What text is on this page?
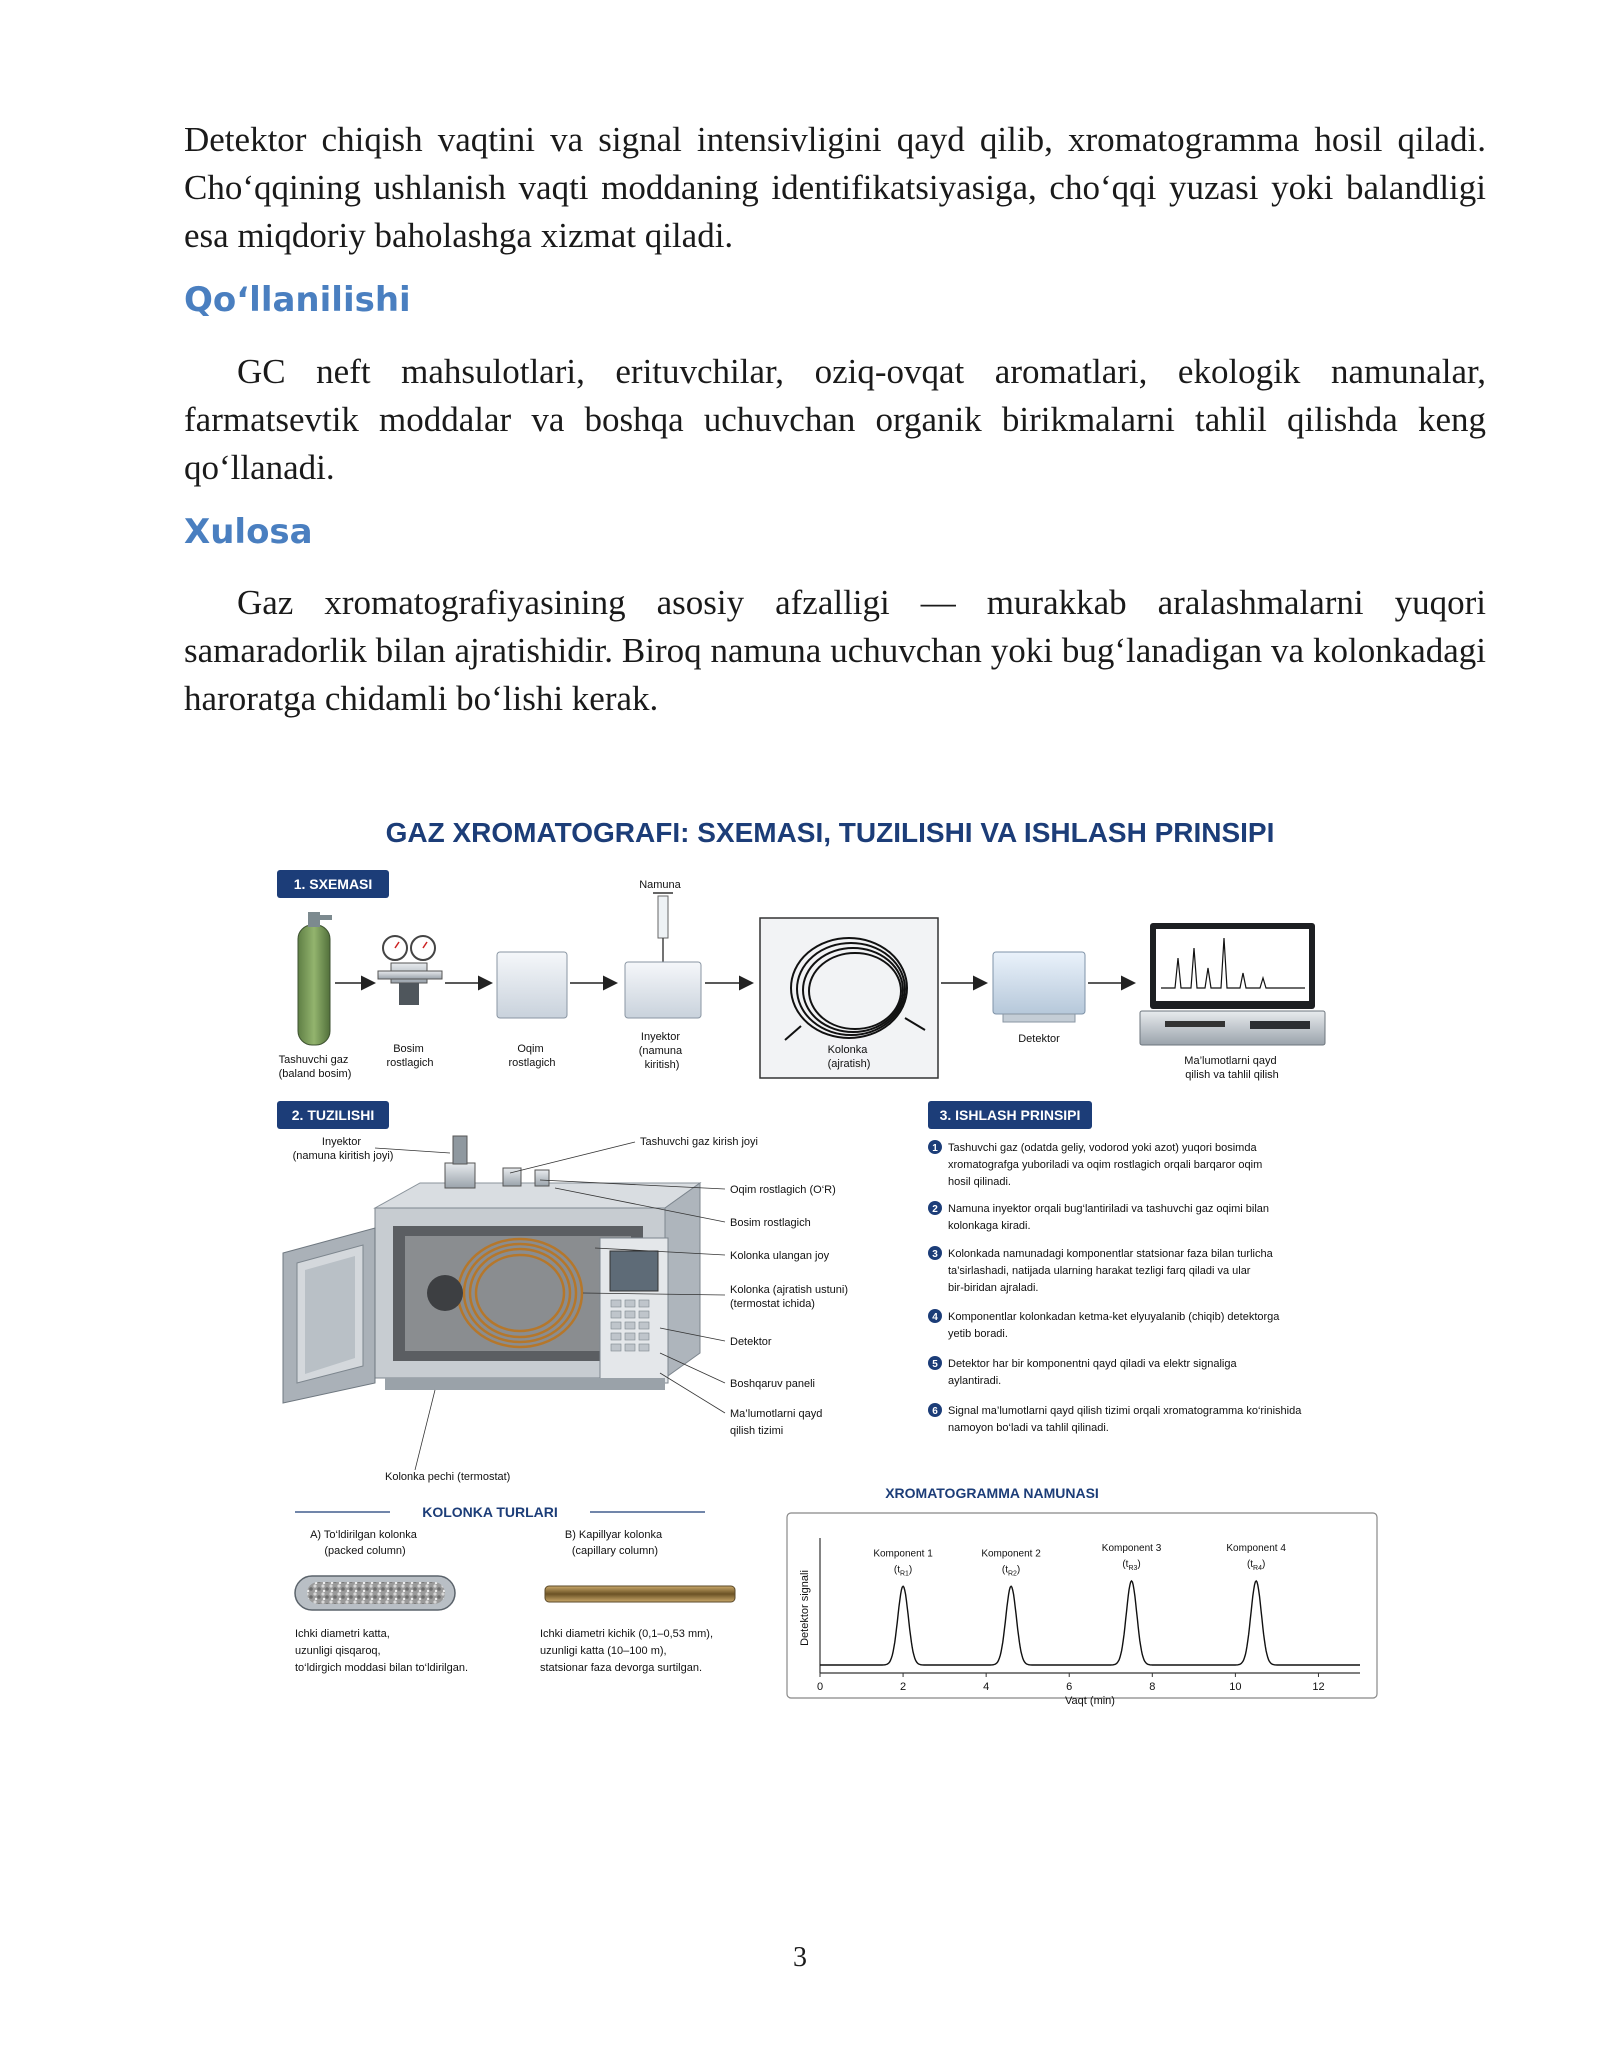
Detektor chiqish vaqtini va signal intensivligini qayd qilib, xromatogramma hosil qiladi. Cho‘qqining ushlanish vaqti moddaning identifikatsiyasiga, cho‘qqi yuzasi yoki balandligi esa miqdoriy baholashga xizmat qiladi.

Qo‘llanilishi

GC neft mahsulotlari, erituvchilar, oziq-ovqat aromatlari, ekologik namunalar, farmatsevtik moddalar va boshqa uchuvchan organik birikmalarni tahlil qilishda keng qo‘llanadi.

Xulosa

Gaz xromatografiyasining asosiy afzalligi — murakkab aralashmalarni yuqori samaradorlik bilan ajratishidir. Biroq namuna uchuvchan yoki bug‘lanadigan va kolonkadagi haroratga chidamli bo‘lishi kerak.

GAZ XROMATOGRAFI: SXEMASI, TUZILISHI VA ISHLASH PRINSIPI
1. SXEMASI
Tashuvchi gaz (baland bosim)
Bosim rostlagich
Oqim rostlagich
Namuna
Inyektor (namuna kiritish)
Kolonka (ajratish)
Detektor
Ma’lumotlarni qayd qilish va tahlil qilish
2. TUZILISHI
Inyektor (namuna kiritish joyi)
Tashuvchi gaz kirish joyi
Oqim rostlagich (O‘R)
Bosim rostlagich
Kolonka ulangan joy
Kolonka (ajratish ustuni) (termostat ichida)
Detektor
Boshqaruv paneli
Ma’lumotlarni qayd qilish tizimi
Kolonka pechi (termostat)
3. ISHLASH PRINSIPI
1 Tashuvchi gaz (odatda geliy, vodorod yoki azot) yuqori bosimda xromatografga yuboriladi va oqim rostlagich orqali barqaror oqim hosil qilinadi.
2 Namuna inyektor orqali bug‘lantiriladi va tashuvchi gaz oqimi bilan kolonkaga kiradi.
3 Kolonkada namunadagi komponentlar statsionar faza bilan turlicha ta’sirlashadi, natijada ularning harakat tezligi farq qiladi va ular bir-biridan ajraladi.
4 Komponentlar kolonkadan ketma-ket elyuyalanib (chiqib) detektorga yetib boradi.
5 Detektor har bir komponentni qayd qiladi va elektr signaliga aylantiradi.
6 Signal ma’lumotlarni qayd qilish tizimi orqali xromatogramma ko‘rinishida namoyon bo‘ladi va tahlil qilinadi.
KOLONKA TURLARI
A) To‘ldirilgan kolonka (packed column)
B) Kapillyar kolonka (capillary column)
Ichki diametri katta, uzunligi qisqaroq, to‘ldirgich moddasi bilan to‘ldirilgan.
Ichki diametri kichik (0,1–0,53 mm), uzunligi katta (10–100 m), statsionar faza devorga surtilgan.
XROMATOGRAMMA NAMUNASI
0	2	4	6	8	10	12
Vaqt (min)
Detektor signali
Komponent 1
$(t_{R1})$
Komponent 2
$(t_{R2})$
Komponent 3
$(t_{R3})$
Komponent 4
$(t_{R4})$
3
